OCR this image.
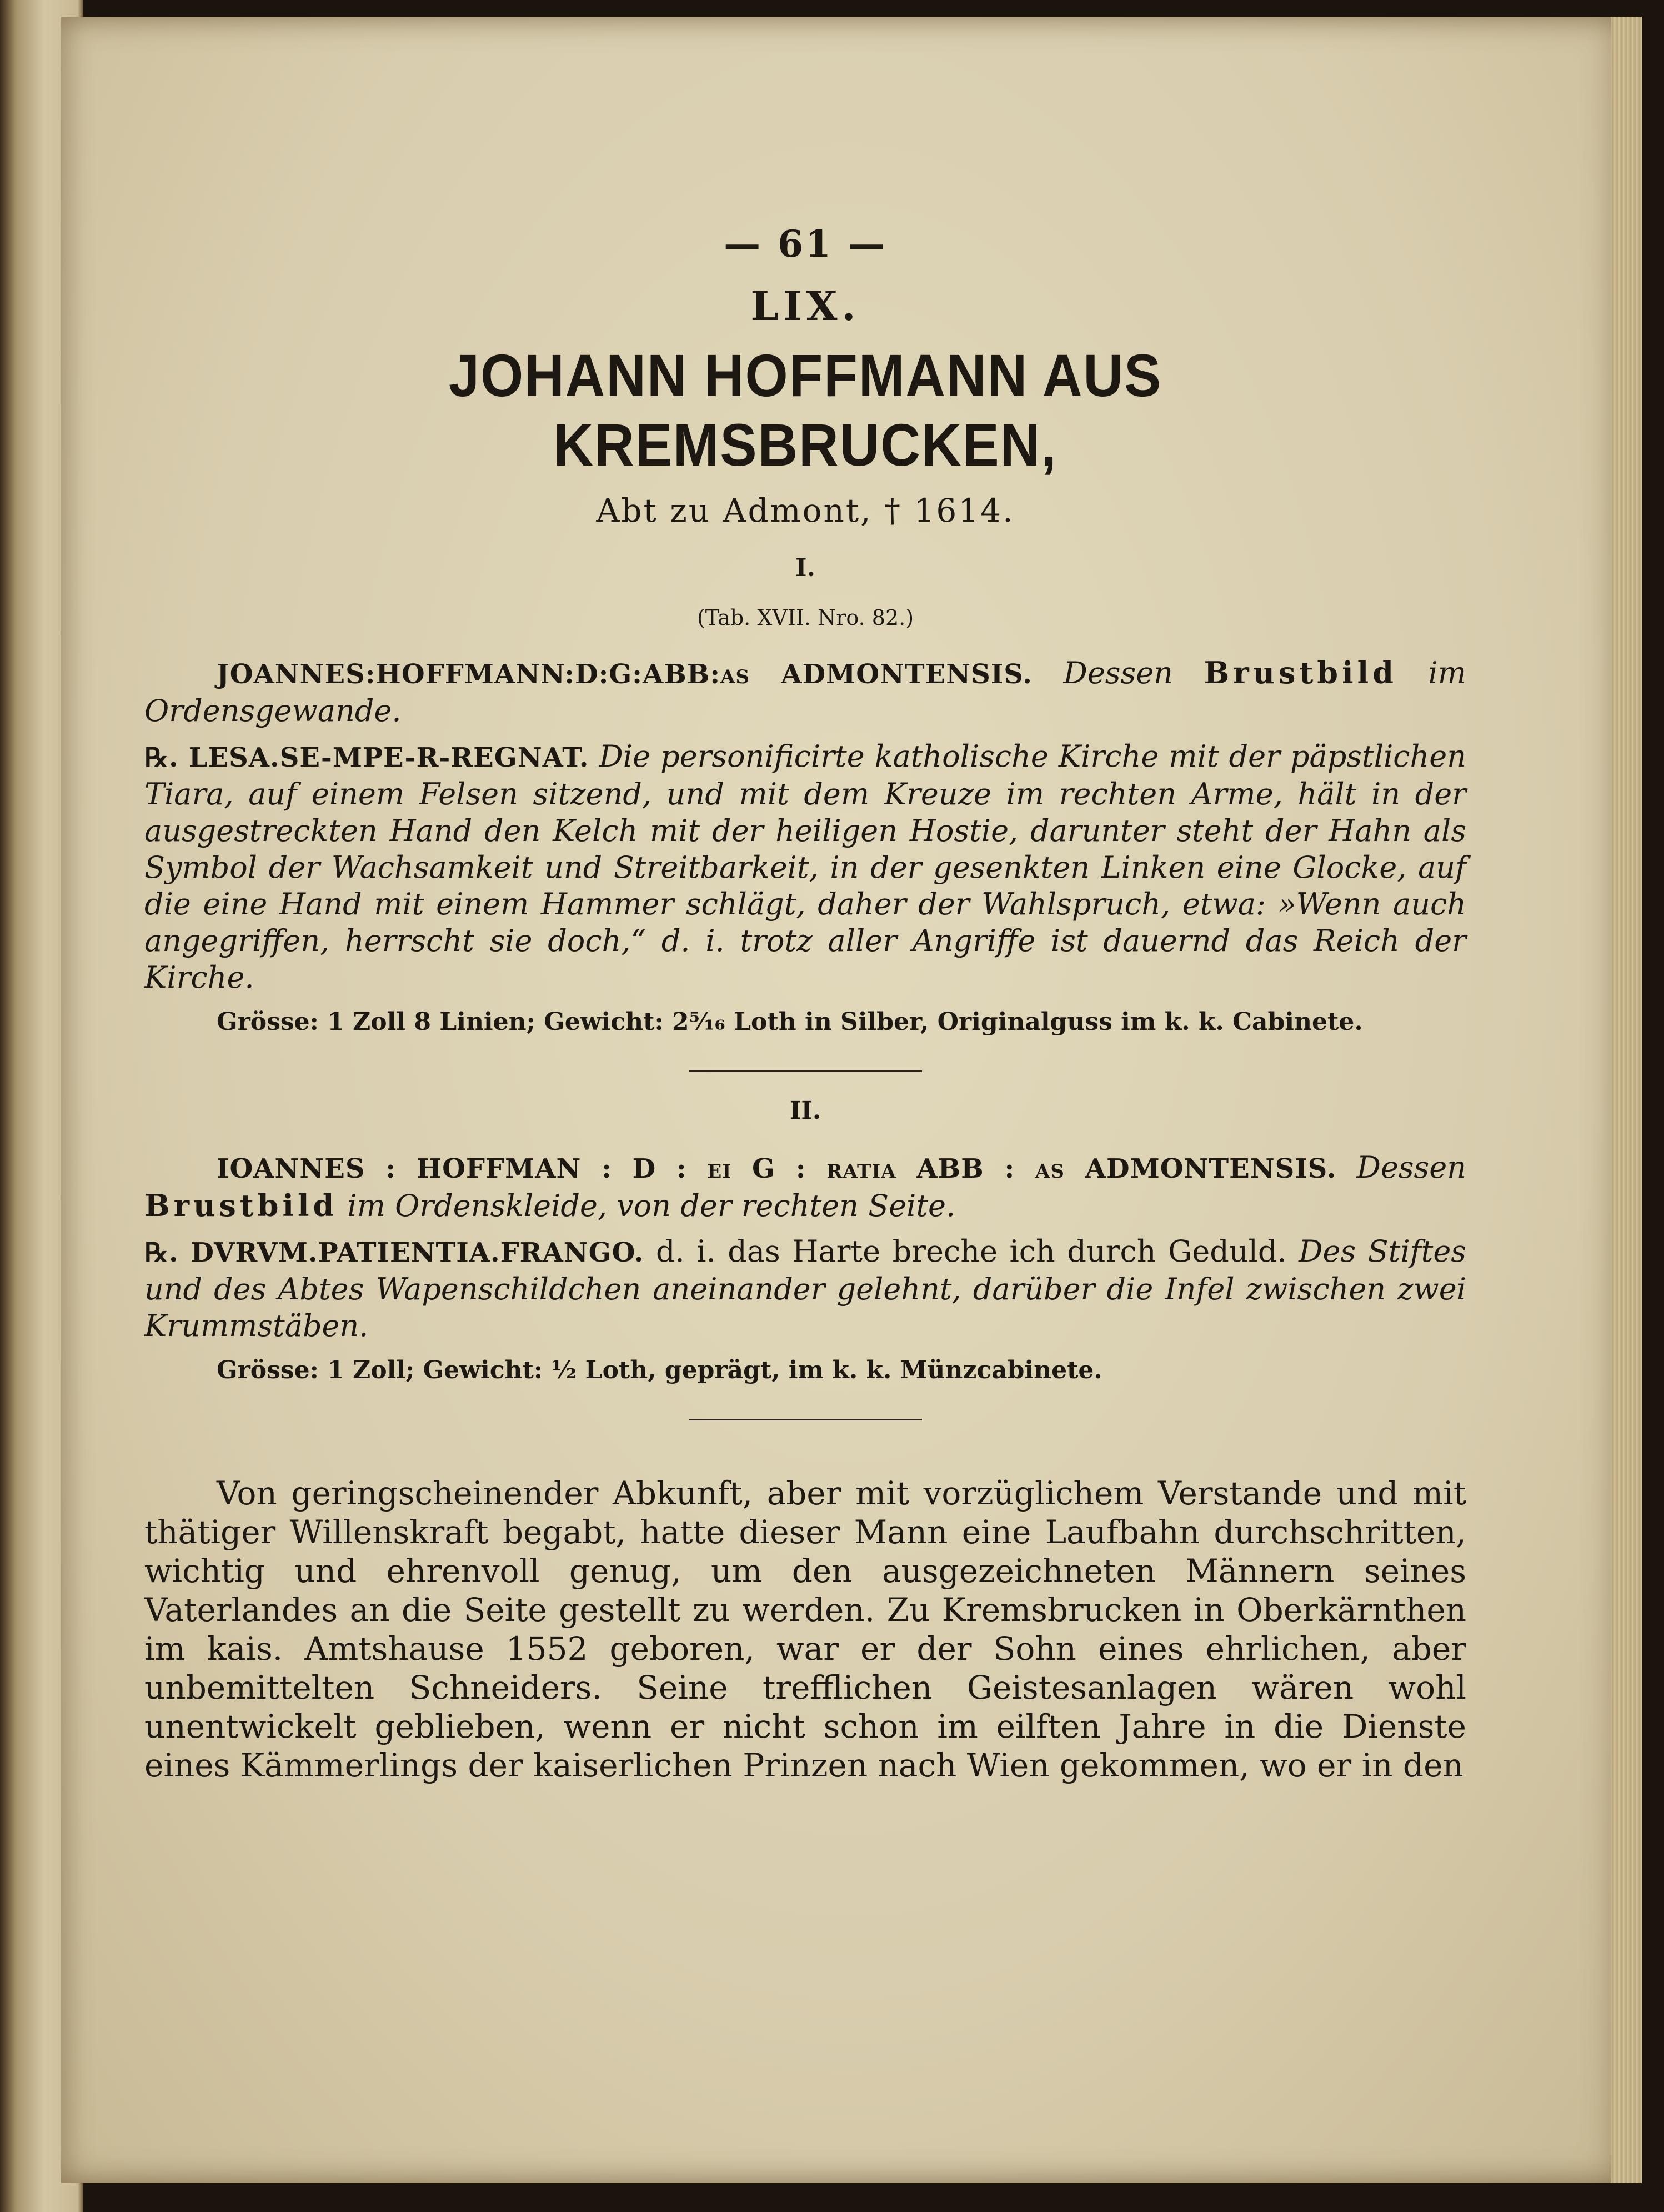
— 61 —
LIX.
JOHANN HOFFMANN AUS KREMSBRUCKEN,
Abt zu Admont, † 1614.
I.
(Tab. XVII. Nro. 82.)

JOANNES:HOFFMANN:D:G:ABB:as ADMONTENSIS. Dessen Brustbild im Ordensgewande.

℞. LESA.SE-MPE-R-REGNAT. Die personificirte katholische Kirche mit der päpstlichen Tiara, auf einem Felsen sitzend, und mit dem Kreuze im rechten Arme, hält in der ausgestreckten Hand den Kelch mit der heiligen Hostie, darunter steht der Hahn als Symbol der Wachsamkeit und Streitbarkeit, in der gesenkten Linken eine Glocke, auf die eine Hand mit einem Hammer schlägt, daher der Wahlspruch, etwa: »Wenn auch angegriffen, herrscht sie doch,“ d. i. trotz aller Angriffe ist dauernd das Reich der Kirche.

Grösse: 1 Zoll 8 Linien; Gewicht: 2⁵⁄₁₆ Loth in Silber, Originalguss im k. k. Cabinete.

II.

IOANNES : HOFFMAN : D : ei G : ratia ABB : as ADMONTENSIS. Dessen Brustbild im Ordenskleide, von der rechten Seite.

℞. DVRVM.PATIENTIA.FRANGO. d. i. das Harte breche ich durch Geduld. Des Stiftes und des Abtes Wapenschildchen aneinander gelehnt, darüber die Infel zwischen zwei Krummstäben.

Grösse: 1 Zoll; Gewicht: ½ Loth, geprägt, im k. k. Münzcabinete.

Von geringscheinender Abkunft, aber mit vorzüglichem Verstande und mit thätiger Willenskraft begabt, hatte dieser Mann eine Laufbahn durchschritten, wichtig und ehrenvoll genug, um den ausgezeichneten Männern seines Vaterlandes an die Seite gestellt zu werden. Zu Kremsbrucken in Oberkärnthen im kais. Amtshause 1552 geboren, war er der Sohn eines ehrlichen, aber unbemittelten Schneiders. Seine trefflichen Geistesanlagen wären wohl unentwickelt geblieben, wenn er nicht schon im eilften Jahre in die Dienste eines Kämmerlings der kaiserlichen Prinzen nach Wien gekommen, wo er in den
